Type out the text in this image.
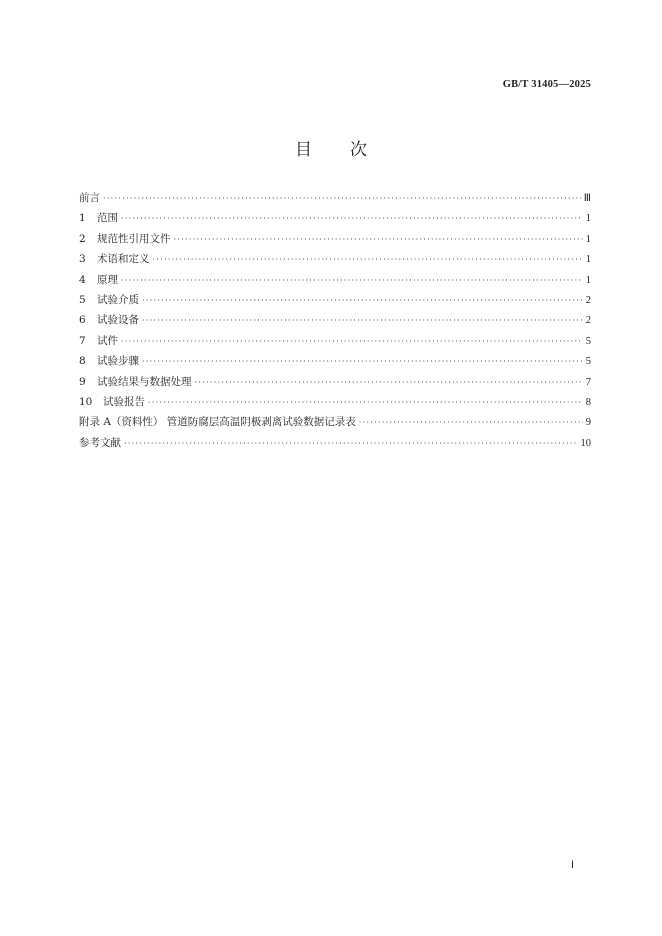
GB/T 31405—2025
目 次
前言 ·····	Ⅲ
1	范围 ·····	1
2	规范性引用文件 ·····	1
3	术语和定义 ·····	1
4	原理 ·····	1
5	试验介质 ·····	2
6	试验设备 ·····	2
7	试件 ·····	5
8	试验步骤 ·····	5
9	试验结果与数据处理 ·····	7
10	试验报告 ·····	8
附录 A（资料性） 管道防腐层高温阴极剥离试验数据记录表 ·····	9
参考文献 ·····	10
Ⅰ
